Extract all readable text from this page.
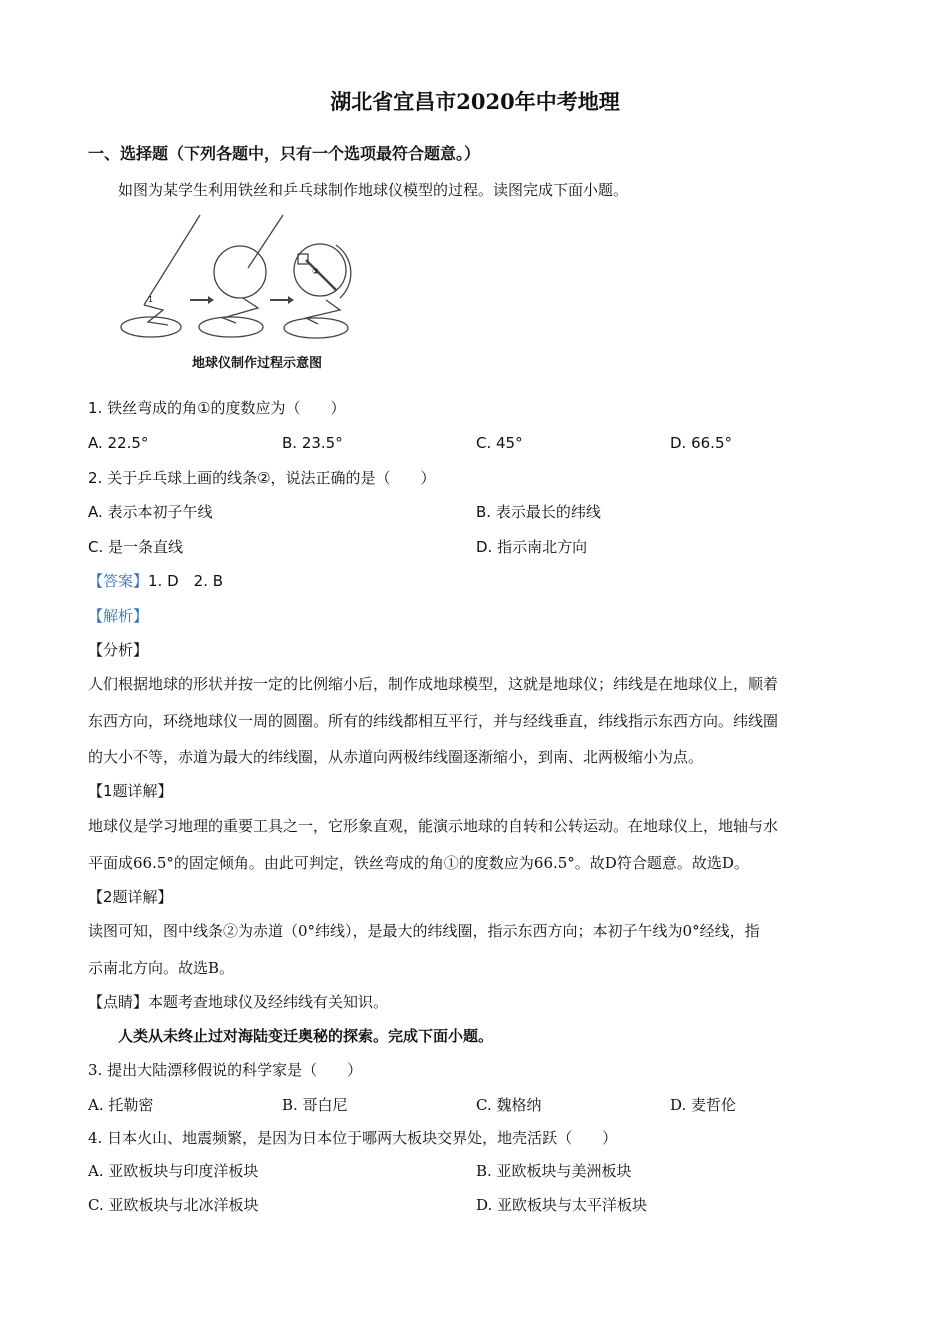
湖北省宜昌市2020年中考地理
一、选择题（下列各题中，只有一个选项最符合题意。）
如图为某学生利用铁丝和乒乓球制作地球仪模型的过程。读图完成下面小题。
1
②
地球仪制作过程示意图
1. 铁丝弯成的角①的度数应为（　　）
A. 22.5°	B. 23.5°	C. 45°	D. 66.5°
2. 关于乒乓球上画的线条②，说法正确的是（　　）
A. 表示本初子午线	B. 表示最长的纬线
C. 是一条直线	D. 指示南北方向
【答案】1. D　2. B
【解析】
【分析】
人们根据地球的形状并按一定的比例缩小后，制作成地球模型，这就是地球仪；纬线是在地球仪上，顺着
东西方向，环绕地球仪一周的圆圈。所有的纬线都相互平行，并与经线垂直，纬线指示东西方向。纬线圈
的大小不等，赤道为最大的纬线圈，从赤道向两极纬线圈逐渐缩小，到南、北两极缩小为点。
【1题详解】
地球仪是学习地理的重要工具之一，它形象直观，能演示地球的自转和公转运动。在地球仪上，地轴与水
平面成66.5°的固定倾角。由此可判定，铁丝弯成的角①的度数应为66.5°。故D符合题意。故选D。
【2题详解】
读图可知，图中线条②为赤道（0°纬线），是最大的纬线圈，指示东西方向；本初子午线为0°经线，指
示南北方向。故选B。
【点睛】本题考查地球仪及经纬线有关知识。
人类从未终止过对海陆变迁奥秘的探索。完成下面小题。
3. 提出大陆漂移假说的科学家是（　　）
A. 托勒密	B. 哥白尼	C. 魏格纳	D. 麦哲伦
4. 日本火山、地震频繁，是因为日本位于哪两大板块交界处，地壳活跃（　　）
A. 亚欧板块与印度洋板块	B. 亚欧板块与美洲板块
C. 亚欧板块与北冰洋板块	D. 亚欧板块与太平洋板块
